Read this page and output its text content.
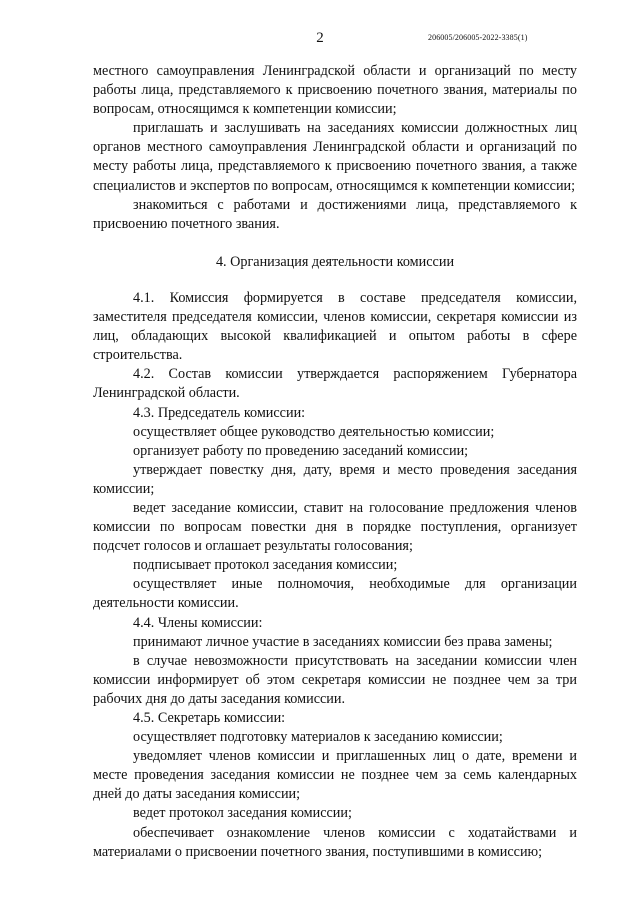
2	206005/206005-2022-3385(1)

местного самоуправления Ленинградской области и организаций по месту работы лица, представляемого к присвоению почетного звания, материалы по вопросам, относящимся к компетенции комиссии;

приглашать и заслушивать на заседаниях комиссии должностных лиц органов местного самоуправления Ленинградской области и организаций по месту работы лица, представляемого к присвоению почетного звания, а также специалистов и экспертов по вопросам, относящимся к компетенции комиссии;

знакомиться с работами и достижениями лица, представляемого к присвоению почетного звания.

4. Организация деятельности комиссии

4.1. Комиссия формируется в составе председателя комиссии, заместителя председателя комиссии, членов комиссии, секретаря комиссии из лиц, обладающих высокой квалификацией и опытом работы в сфере строительства.

4.2. Состав комиссии утверждается распоряжением Губернатора Ленинградской области.

4.3. Председатель комиссии:

осуществляет общее руководство деятельностью комиссии;

организует работу по проведению заседаний комиссии;

утверждает повестку дня, дату, время и место проведения заседания комиссии;

ведет заседание комиссии, ставит на голосование предложения членов комиссии по вопросам повестки дня в порядке поступления, организует подсчет голосов и оглашает результаты голосования;

подписывает протокол заседания комиссии;

осуществляет иные полномочия, необходимые для организации деятельности комиссии.

4.4. Члены комиссии:

принимают личное участие в заседаниях комиссии без права замены;

в случае невозможности присутствовать на заседании комиссии член комиссии информирует об этом секретаря комиссии не позднее чем за три рабочих дня до даты заседания комиссии.

4.5. Секретарь комиссии:

осуществляет подготовку материалов к заседанию комиссии;

уведомляет членов комиссии и приглашенных лиц о дате, времени и месте проведения заседания комиссии не позднее чем за семь календарных дней до даты заседания комиссии;

ведет протокол заседания комиссии;

обеспечивает ознакомление членов комиссии с ходатайствами и материалами о присвоении почетного звания, поступившими в комиссию;
